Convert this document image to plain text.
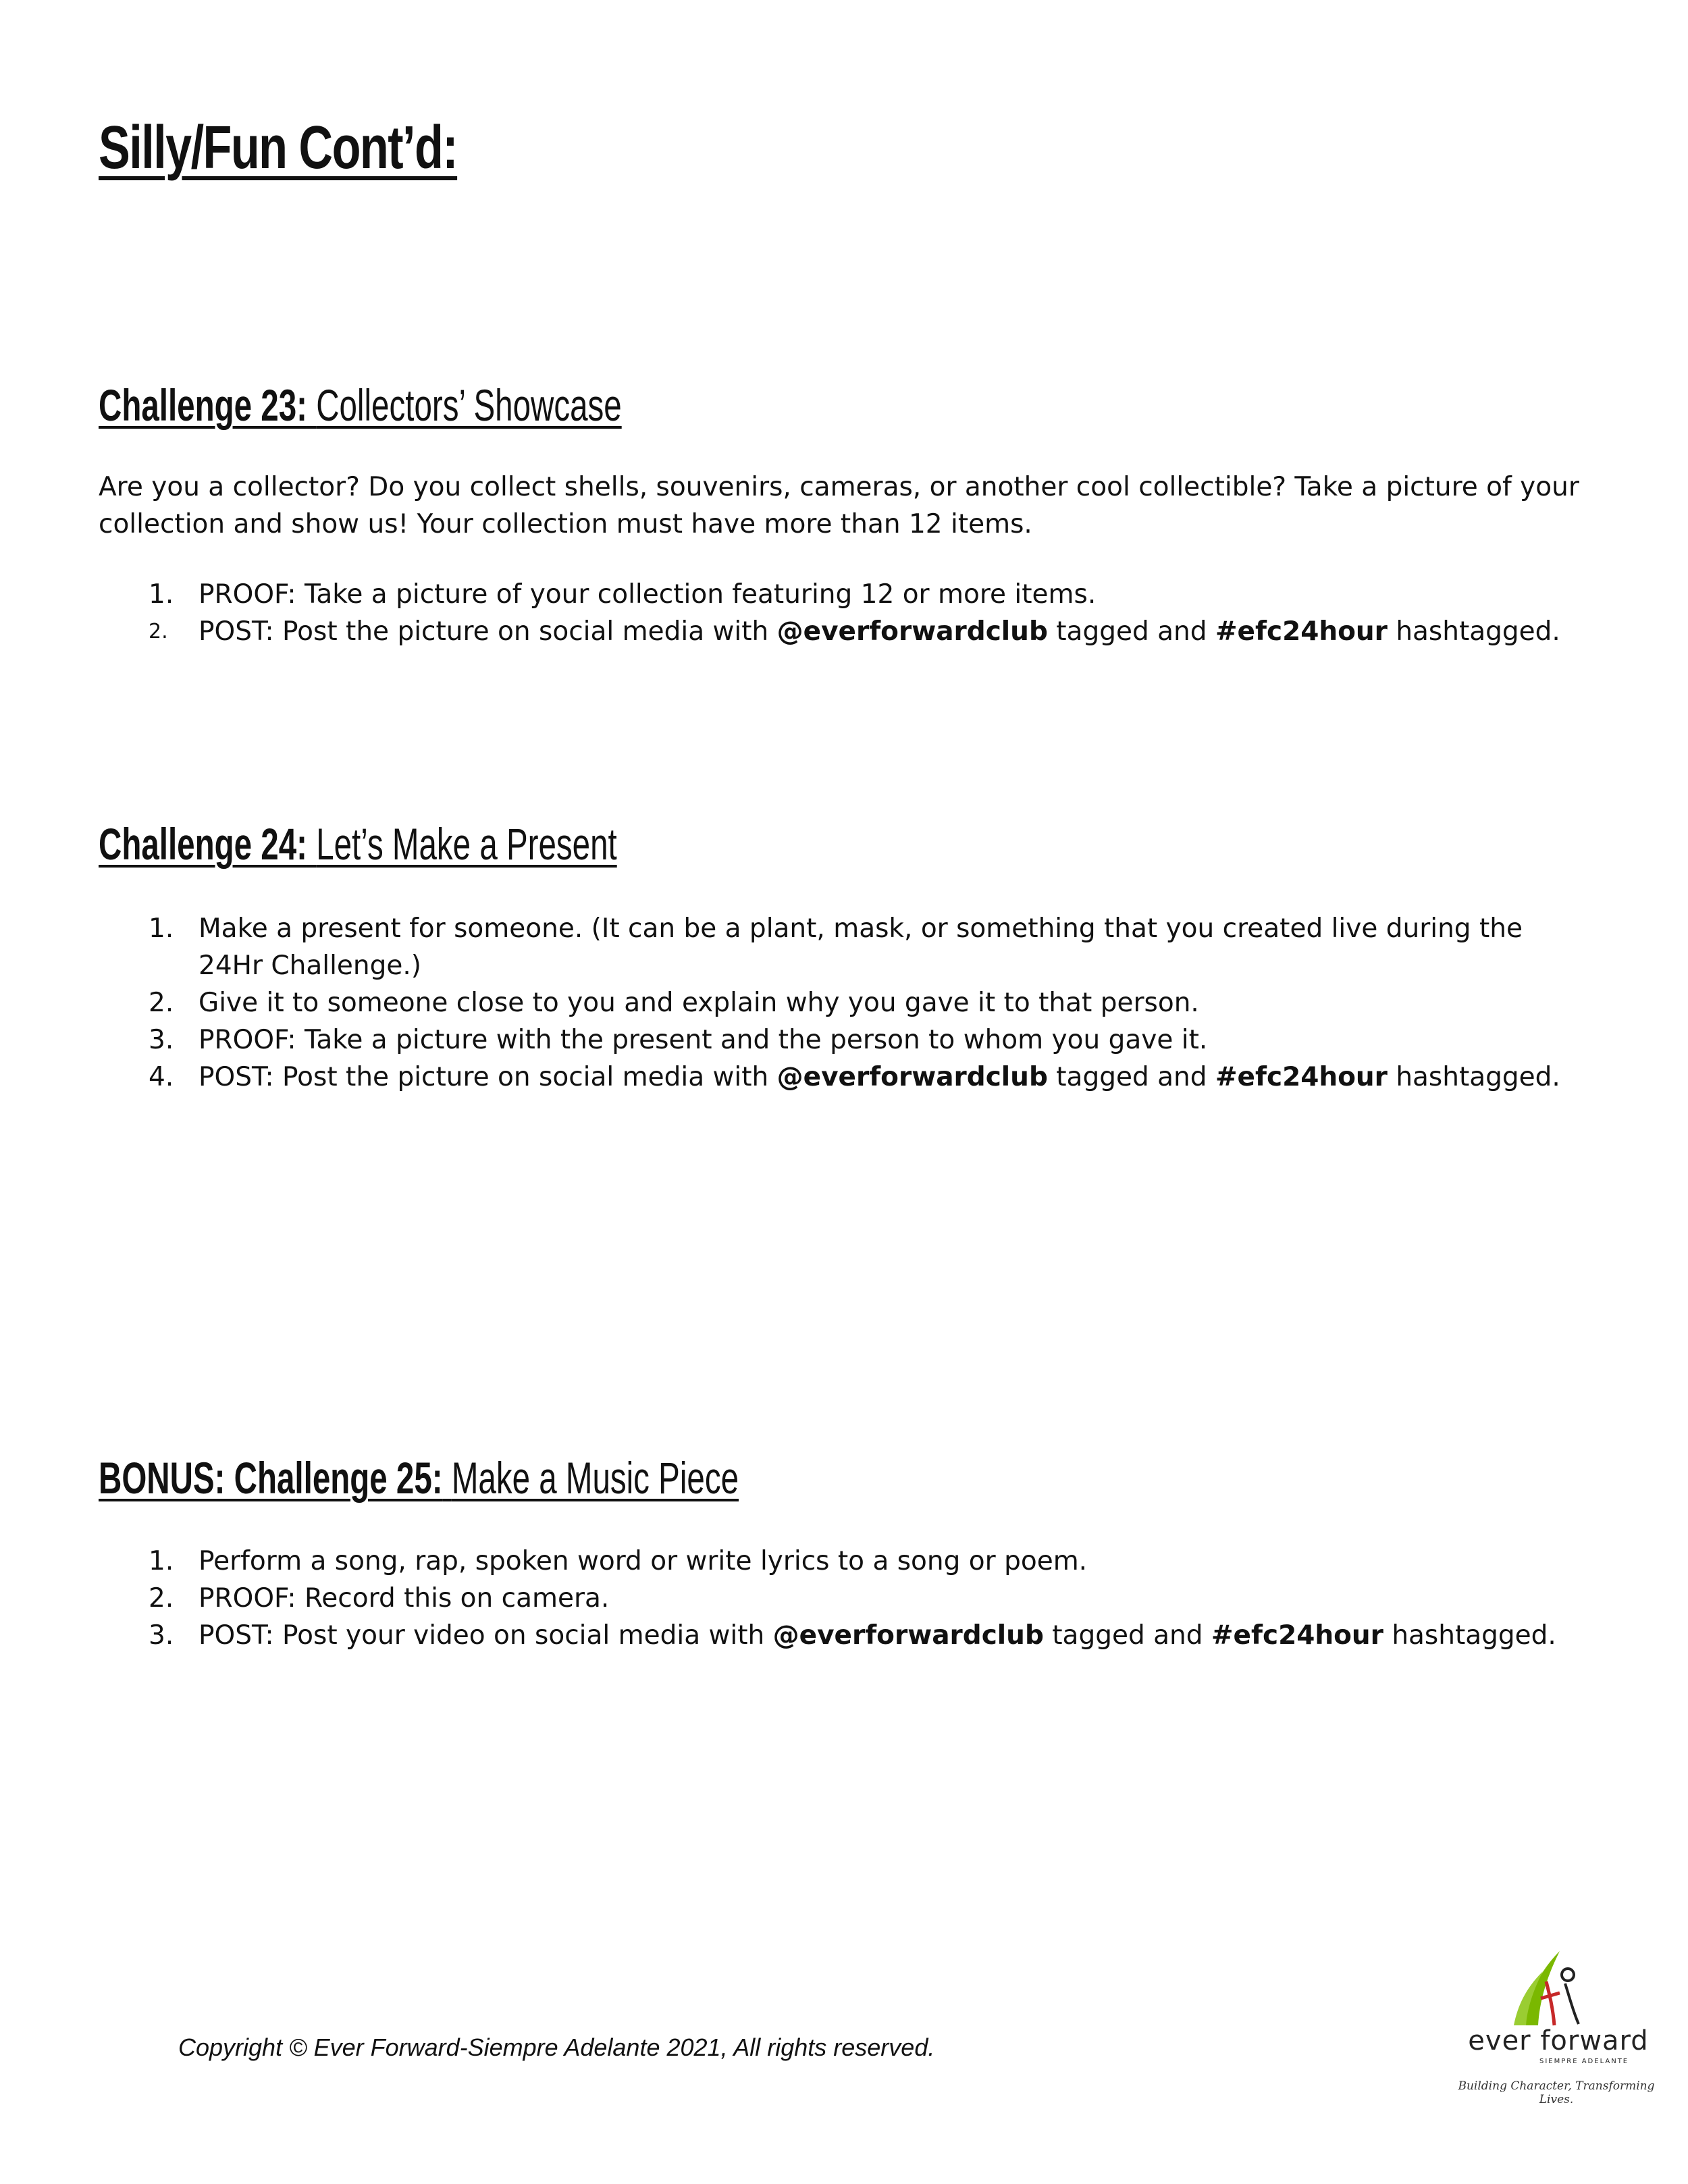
Silly/Fun Cont’d:
Challenge 23: Collectors’ Showcase

Are you a collector? Do you collect shells, souvenirs, cameras, or another cool collectible? Take a picture of your collection and show us! Your collection must have more than 12 items.

1. PROOF: Take a picture of your collection featuring 12 or more items.
2. POST: Post the picture on social media with @everforwardclub tagged and #efc24hour hashtagged.
Challenge 24: Let’s Make a Present
1. Make a present for someone. (It can be a plant, mask, or something that you created live during the 24Hr Challenge.)
2. Give it to someone close to you and explain why you gave it to that person.
3. PROOF: Take a picture with the present and the person to whom you gave it.
4. POST: Post the picture on social media with @everforwardclub tagged and #efc24hour hashtagged.
BONUS: Challenge 25: Make a Music Piece
1. Perform a song, rap, spoken word or write lyrics to a song or poem.
2. PROOF: Record this on camera.
3. POST: Post your video on social media with @everforwardclub tagged and #efc24hour hashtagged.

Copyright © Ever Forward-Siempre Adelante 2021, All rights reserved.	ever forward
SIEMPRE ADELANTE
Building Character, Transforming Lives.
